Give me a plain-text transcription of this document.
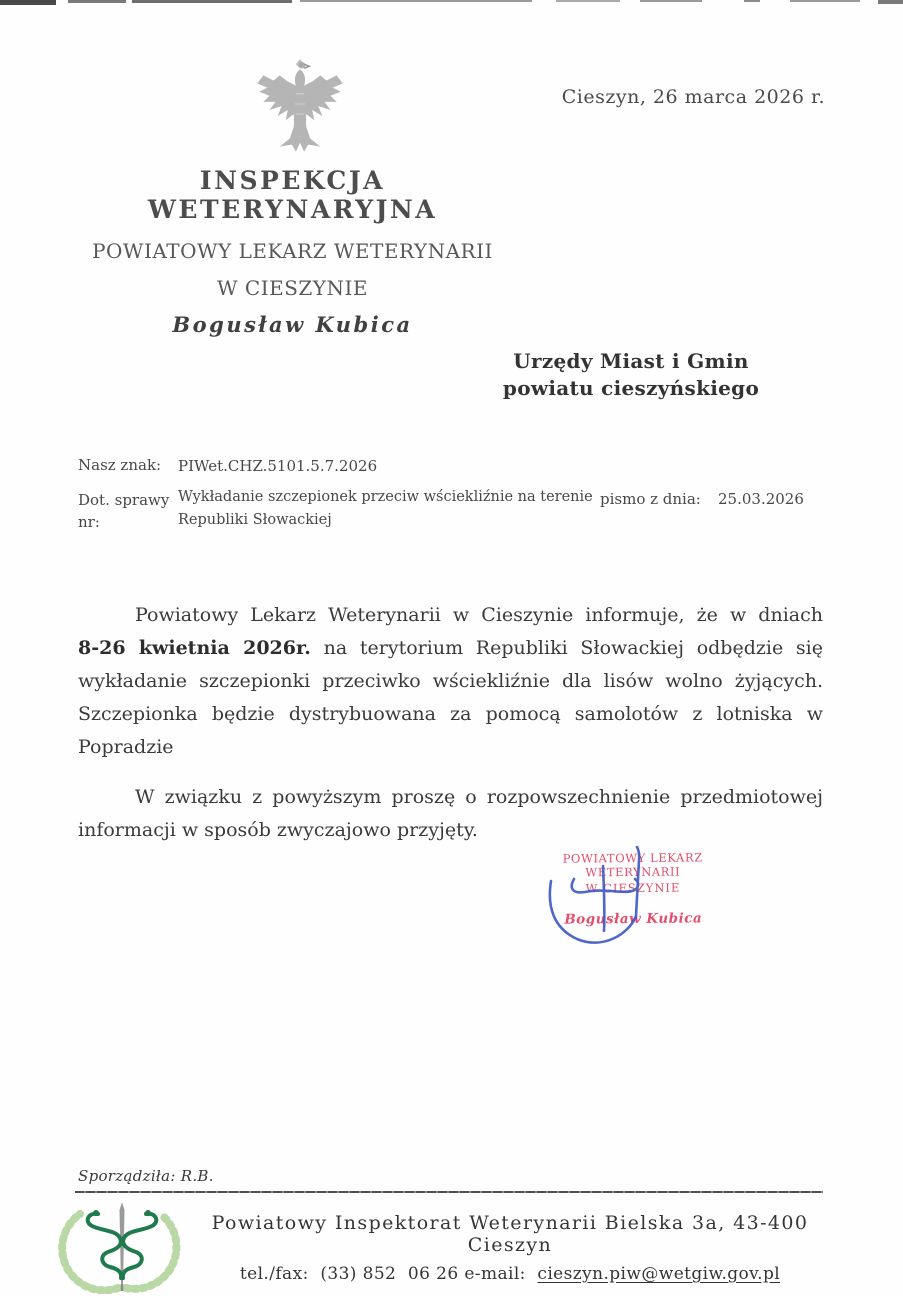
Cieszyn, 26 marca 2026 r.
INSPEKCJA WETERYNARYJNA
POWIATOWY LEKARZ WETERYNARII
W CIESZYNIE
Bogusław Kubica
Urzędy Miast i Gmin
powiatu cieszyńskiego
Nasz znak: PIWet.CHZ.5101.5.7.2026
Dot. sprawy
nr:
Wykładanie szczepionek przeciw wściekliźnie na terenie
Republiki Słowackiej
pismo z dnia: 25.03.2026
Powiatowy Lekarz Weterynarii w Cieszynie informuje, że w dniach
8-26 kwietnia 2026r. na terytorium Republiki Słowackiej odbędzie się
wykładanie szczepionki przeciwko wściekliźnie dla lisów wolno żyjących.
Szczepionka będzie dystrybuowana za pomocą samolotów z lotniska w Popradzie
W związku z powyższym proszę o rozpowszechnienie przedmiotowej
informacji w sposób zwyczajowo przyjęty.
POWIATOWY LEKARZ WETERYNARII
W CIESZYNIE
Bogusław Kubica
Sporządziła: R.B.
Powiatowy Inspektorat Weterynarii Bielska 3a, 43-400 Cieszyn
tel./fax:  (33) 852  06 26 e-mail:  cieszyn.piw@wetgiw.gov.pl
